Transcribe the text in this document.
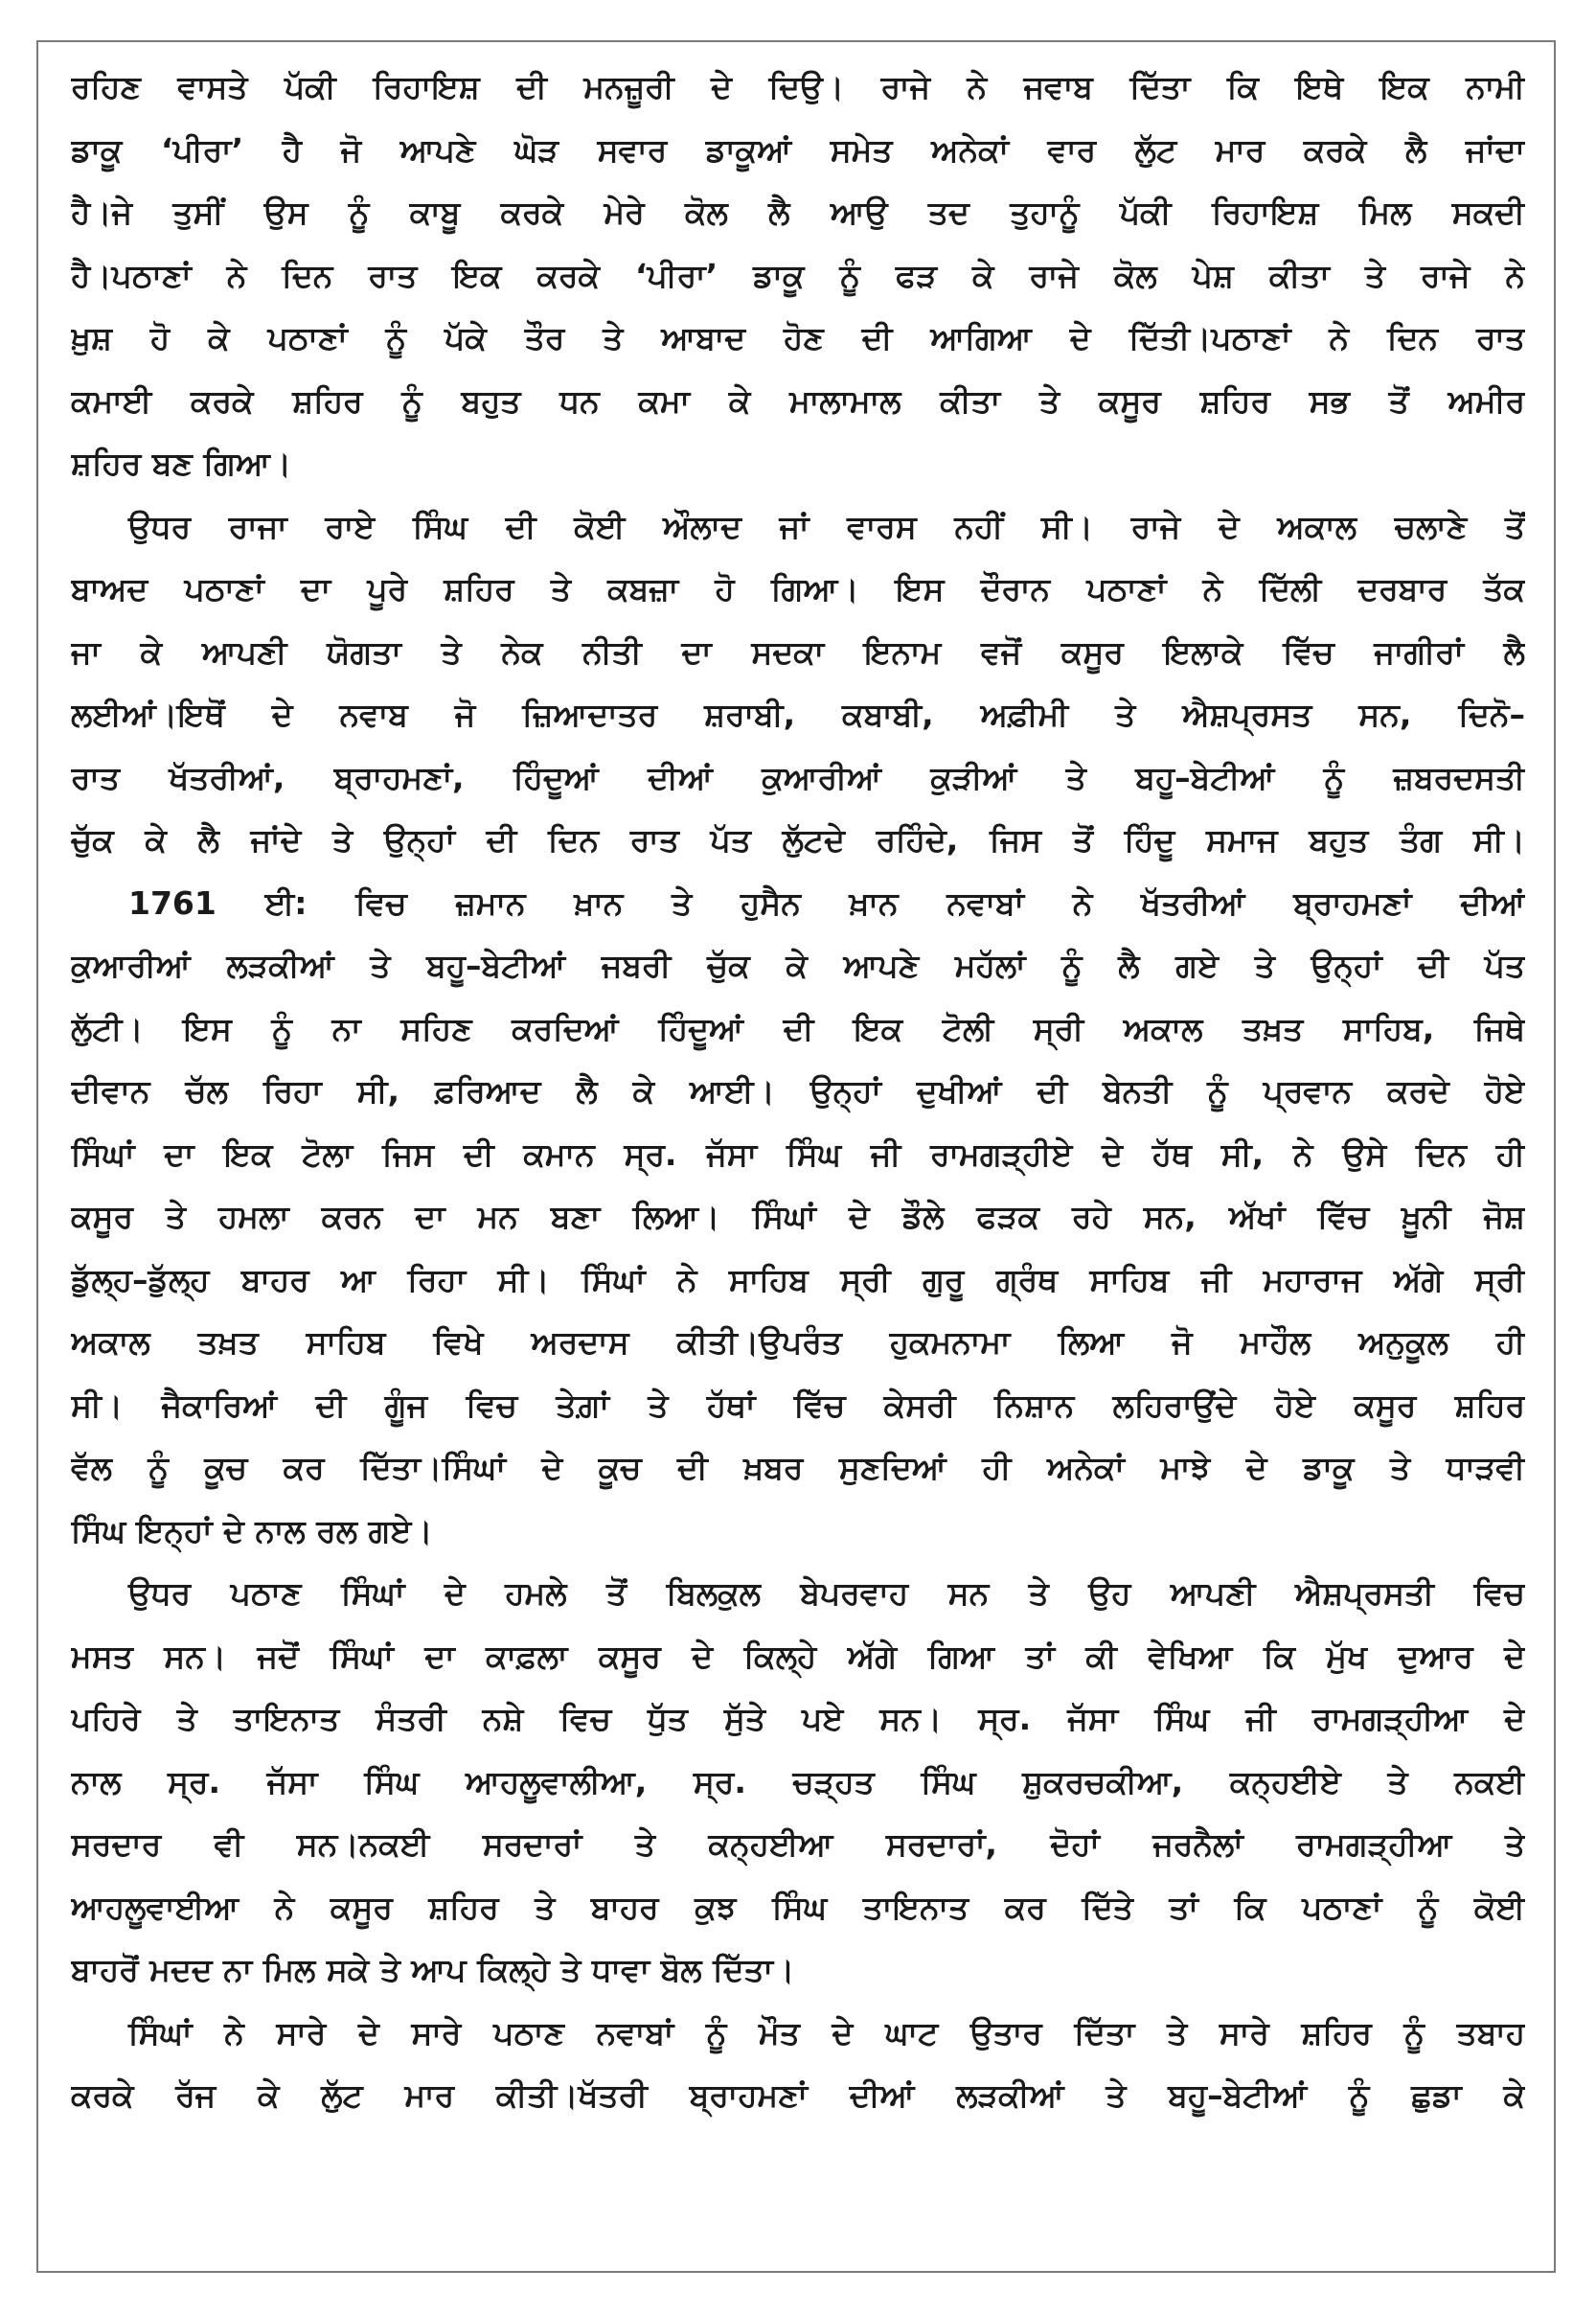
ਰਹਿਣ ਵਾਸਤੇ ਪੱਕੀ ਰਿਹਾਇਸ਼ ਦੀ ਮਨਜ਼ੂਰੀ ਦੇ ਦਿਉ। ਰਾਜੇ ਨੇ ਜਵਾਬ ਦਿੱਤਾ ਕਿ ਇਥੇ ਇਕ ਨਾਮੀ
ਡਾਕੂ ‘ਪੀਰਾ’ ਹੈ ਜੋ ਆਪਣੇ ਘੋੜ ਸਵਾਰ ਡਾਕੂਆਂ ਸਮੇਤ ਅਨੇਕਾਂ ਵਾਰ ਲੁੱਟ ਮਾਰ ਕਰਕੇ ਲੈ ਜਾਂਦਾ
ਹੈ।ਜੇ ਤੁਸੀਂ ਉਸ ਨੂੰ ਕਾਬੂ ਕਰਕੇ ਮੇਰੇ ਕੋਲ ਲੈ ਆਉ ਤਦ ਤੁਹਾਨੂੰ ਪੱਕੀ ਰਿਹਾਇਸ਼ ਮਿਲ ਸਕਦੀ
ਹੈ।ਪਠਾਣਾਂ ਨੇ ਦਿਨ ਰਾਤ ਇਕ ਕਰਕੇ ‘ਪੀਰਾ’ ਡਾਕੂ ਨੂੰ ਫੜ ਕੇ ਰਾਜੇ ਕੋਲ ਪੇਸ਼ ਕੀਤਾ ਤੇ ਰਾਜੇ ਨੇ
ਖ਼ੁਸ਼ ਹੋ ਕੇ ਪਠਾਣਾਂ ਨੂੰ ਪੱਕੇ ਤੌਰ ਤੇ ਆਬਾਦ ਹੋਣ ਦੀ ਆਗਿਆ ਦੇ ਦਿੱਤੀ।ਪਠਾਣਾਂ ਨੇ ਦਿਨ ਰਾਤ
ਕਮਾਈ ਕਰਕੇ ਸ਼ਹਿਰ ਨੂੰ ਬਹੁਤ ਧਨ ਕਮਾ ਕੇ ਮਾਲਾਮਾਲ ਕੀਤਾ ਤੇ ਕਸੂਰ ਸ਼ਹਿਰ ਸਭ ਤੋਂ ਅਮੀਰ
ਸ਼ਹਿਰ ਬਣ ਗਿਆ।
ਉਧਰ ਰਾਜਾ ਰਾਏ ਸਿੰਘ ਦੀ ਕੋਈ ਔਲਾਦ ਜਾਂ ਵਾਰਸ ਨਹੀਂ ਸੀ। ਰਾਜੇ ਦੇ ਅਕਾਲ ਚਲਾਣੇ ਤੋਂ
ਬਾਅਦ ਪਠਾਣਾਂ ਦਾ ਪੂਰੇ ਸ਼ਹਿਰ ਤੇ ਕਬਜ਼ਾ ਹੋ ਗਿਆ। ਇਸ ਦੌਰਾਨ ਪਠਾਣਾਂ ਨੇ ਦਿੱਲੀ ਦਰਬਾਰ ਤੱਕ
ਜਾ ਕੇ ਆਪਣੀ ਯੋਗਤਾ ਤੇ ਨੇਕ ਨੀਤੀ ਦਾ ਸਦਕਾ ਇਨਾਮ ਵਜੋਂ ਕਸੂਰ ਇਲਾਕੇ ਵਿੱਚ ਜਾਗੀਰਾਂ ਲੈ
ਲਈਆਂ।ਇਥੋਂ ਦੇ ਨਵਾਬ ਜੋ ਜ਼ਿਆਦਾਤਰ ਸ਼ਰਾਬੀ, ਕਬਾਬੀ, ਅਫ਼ੀਮੀ ਤੇ ਐਸ਼ਪ੍ਰਸਤ ਸਨ, ਦਿਨੋ–
ਰਾਤ ਖੱਤਰੀਆਂ, ਬ੍ਰਾਹਮਣਾਂ, ਹਿੰਦੂਆਂ ਦੀਆਂ ਕੁਆਰੀਆਂ ਕੁੜੀਆਂ ਤੇ ਬਹੂ–ਬੇਟੀਆਂ ਨੂੰ ਜ਼ਬਰਦਸਤੀ
ਚੁੱਕ ਕੇ ਲੈ ਜਾਂਦੇ ਤੇ ਉਨ੍ਹਾਂ ਦੀ ਦਿਨ ਰਾਤ ਪੱਤ ਲੁੱਟਦੇ ਰਹਿੰਦੇ, ਜਿਸ ਤੋਂ ਹਿੰਦੂ ਸਮਾਜ ਬਹੁਤ ਤੰਗ ਸੀ।
1761 ਈ: ਵਿਚ ਜ਼ਮਾਨ ਖ਼ਾਨ ਤੇ ਹੁਸੈਨ ਖ਼ਾਨ ਨਵਾਬਾਂ ਨੇ ਖੱਤਰੀਆਂ ਬ੍ਰਾਹਮਣਾਂ ਦੀਆਂ
ਕੁਆਰੀਆਂ ਲੜਕੀਆਂ ਤੇ ਬਹੂ–ਬੇਟੀਆਂ ਜਬਰੀ ਚੁੱਕ ਕੇ ਆਪਣੇ ਮਹੱਲਾਂ ਨੂੰ ਲੈ ਗਏ ਤੇ ਉਨ੍ਹਾਂ ਦੀ ਪੱਤ
ਲੁੱਟੀ। ਇਸ ਨੂੰ ਨਾ ਸਹਿਣ ਕਰਦਿਆਂ ਹਿੰਦੂਆਂ ਦੀ ਇਕ ਟੋਲੀ ਸ੍ਰੀ ਅਕਾਲ ਤਖ਼ਤ ਸਾਹਿਬ, ਜਿਥੇ
ਦੀਵਾਨ ਚੱਲ ਰਿਹਾ ਸੀ, ਫ਼ਰਿਆਦ ਲੈ ਕੇ ਆਈ। ਉਨ੍ਹਾਂ ਦੁਖੀਆਂ ਦੀ ਬੇਨਤੀ ਨੂੰ ਪ੍ਰਵਾਨ ਕਰਦੇ ਹੋਏ
ਸਿੰਘਾਂ ਦਾ ਇਕ ਟੋਲਾ ਜਿਸ ਦੀ ਕਮਾਨ ਸ੍ਰ. ਜੱਸਾ ਸਿੰਘ ਜੀ ਰਾਮਗੜ੍ਹੀਏ ਦੇ ਹੱਥ ਸੀ, ਨੇ ਉਸੇ ਦਿਨ ਹੀ
ਕਸੂਰ ਤੇ ਹਮਲਾ ਕਰਨ ਦਾ ਮਨ ਬਣਾ ਲਿਆ। ਸਿੰਘਾਂ ਦੇ ਡੌਲੇ ਫੜਕ ਰਹੇ ਸਨ, ਅੱਖਾਂ ਵਿੱਚ ਖ਼ੂਨੀ ਜੋਸ਼
ਡੁੱਲ੍ਹ–ਡੁੱਲ੍ਹ ਬਾਹਰ ਆ ਰਿਹਾ ਸੀ। ਸਿੰਘਾਂ ਨੇ ਸਾਹਿਬ ਸ੍ਰੀ ਗੁਰੂ ਗ੍ਰੰਥ ਸਾਹਿਬ ਜੀ ਮਹਾਰਾਜ ਅੱਗੇ ਸ੍ਰੀ
ਅਕਾਲ ਤਖ਼ਤ ਸਾਹਿਬ ਵਿਖੇ ਅਰਦਾਸ ਕੀਤੀ।ਉਪਰੰਤ ਹੁਕਮਨਾਮਾ ਲਿਆ ਜੋ ਮਾਹੌਲ ਅਨੁਕੂਲ ਹੀ
ਸੀ। ਜੈਕਾਰਿਆਂ ਦੀ ਗੂੰਜ ਵਿਚ ਤੇਗ਼ਾਂ ਤੇ ਹੱਥਾਂ ਵਿੱਚ ਕੇਸਰੀ ਨਿਸ਼ਾਨ ਲਹਿਰਾਉਂਦੇ ਹੋਏ ਕਸੂਰ ਸ਼ਹਿਰ
ਵੱਲ ਨੂੰ ਕੂਚ ਕਰ ਦਿੱਤਾ।ਸਿੰਘਾਂ ਦੇ ਕੂਚ ਦੀ ਖ਼ਬਰ ਸੁਣਦਿਆਂ ਹੀ ਅਨੇਕਾਂ ਮਾਝੇ ਦੇ ਡਾਕੂ ਤੇ ਧਾੜਵੀ
ਸਿੰਘ ਇਨ੍ਹਾਂ ਦੇ ਨਾਲ ਰਲ ਗਏ।
ਉਧਰ ਪਠਾਣ ਸਿੰਘਾਂ ਦੇ ਹਮਲੇ ਤੋਂ ਬਿਲਕੁਲ ਬੇਪਰਵਾਹ ਸਨ ਤੇ ਉਹ ਆਪਣੀ ਐਸ਼ਪ੍ਰਸਤੀ ਵਿਚ
ਮਸਤ ਸਨ। ਜਦੋਂ ਸਿੰਘਾਂ ਦਾ ਕਾਫ਼ਲਾ ਕਸੂਰ ਦੇ ਕਿਲ੍ਹੇ ਅੱਗੇ ਗਿਆ ਤਾਂ ਕੀ ਵੇਖਿਆ ਕਿ ਮੁੱਖ ਦੁਆਰ ਦੇ
ਪਹਿਰੇ ਤੇ ਤਾਇਨਾਤ ਸੰਤਰੀ ਨਸ਼ੇ ਵਿਚ ਧੁੱਤ ਸੁੱਤੇ ਪਏ ਸਨ। ਸ੍ਰ. ਜੱਸਾ ਸਿੰਘ ਜੀ ਰਾਮਗੜ੍ਹੀਆ ਦੇ
ਨਾਲ ਸ੍ਰ. ਜੱਸਾ ਸਿੰਘ ਆਹਲੂਵਾਲੀਆ, ਸ੍ਰ. ਚੜ੍ਹਤ ਸਿੰਘ ਸ਼ੁਕਰਚਕੀਆ, ਕਨ੍ਹਈਏ ਤੇ ਨਕਈ
ਸਰਦਾਰ ਵੀ ਸਨ।ਨਕਈ ਸਰਦਾਰਾਂ ਤੇ ਕਨ੍ਹਈਆ ਸਰਦਾਰਾਂ, ਦੋਹਾਂ ਜਰਨੈਲਾਂ ਰਾਮਗੜ੍ਹੀਆ ਤੇ
ਆਹਲੂਵਾਈਆ ਨੇ ਕਸੂਰ ਸ਼ਹਿਰ ਤੇ ਬਾਹਰ ਕੁਝ ਸਿੰਘ ਤਾਇਨਾਤ ਕਰ ਦਿੱਤੇ ਤਾਂ ਕਿ ਪਠਾਣਾਂ ਨੂੰ ਕੋਈ
ਬਾਹਰੋਂ ਮਦਦ ਨਾ ਮਿਲ ਸਕੇ ਤੇ ਆਪ ਕਿਲ੍ਹੇ ਤੇ ਧਾਵਾ ਬੋਲ ਦਿੱਤਾ।
ਸਿੰਘਾਂ ਨੇ ਸਾਰੇ ਦੇ ਸਾਰੇ ਪਠਾਣ ਨਵਾਬਾਂ ਨੂੰ ਮੌਤ ਦੇ ਘਾਟ ਉਤਾਰ ਦਿੱਤਾ ਤੇ ਸਾਰੇ ਸ਼ਹਿਰ ਨੂੰ ਤਬਾਹ
ਕਰਕੇ ਰੱਜ ਕੇ ਲੁੱਟ ਮਾਰ ਕੀਤੀ।ਖੱਤਰੀ ਬ੍ਰਾਹਮਣਾਂ ਦੀਆਂ ਲੜਕੀਆਂ ਤੇ ਬਹੂ–ਬੇਟੀਆਂ ਨੂੰ ਛੁਡਾ ਕੇ
